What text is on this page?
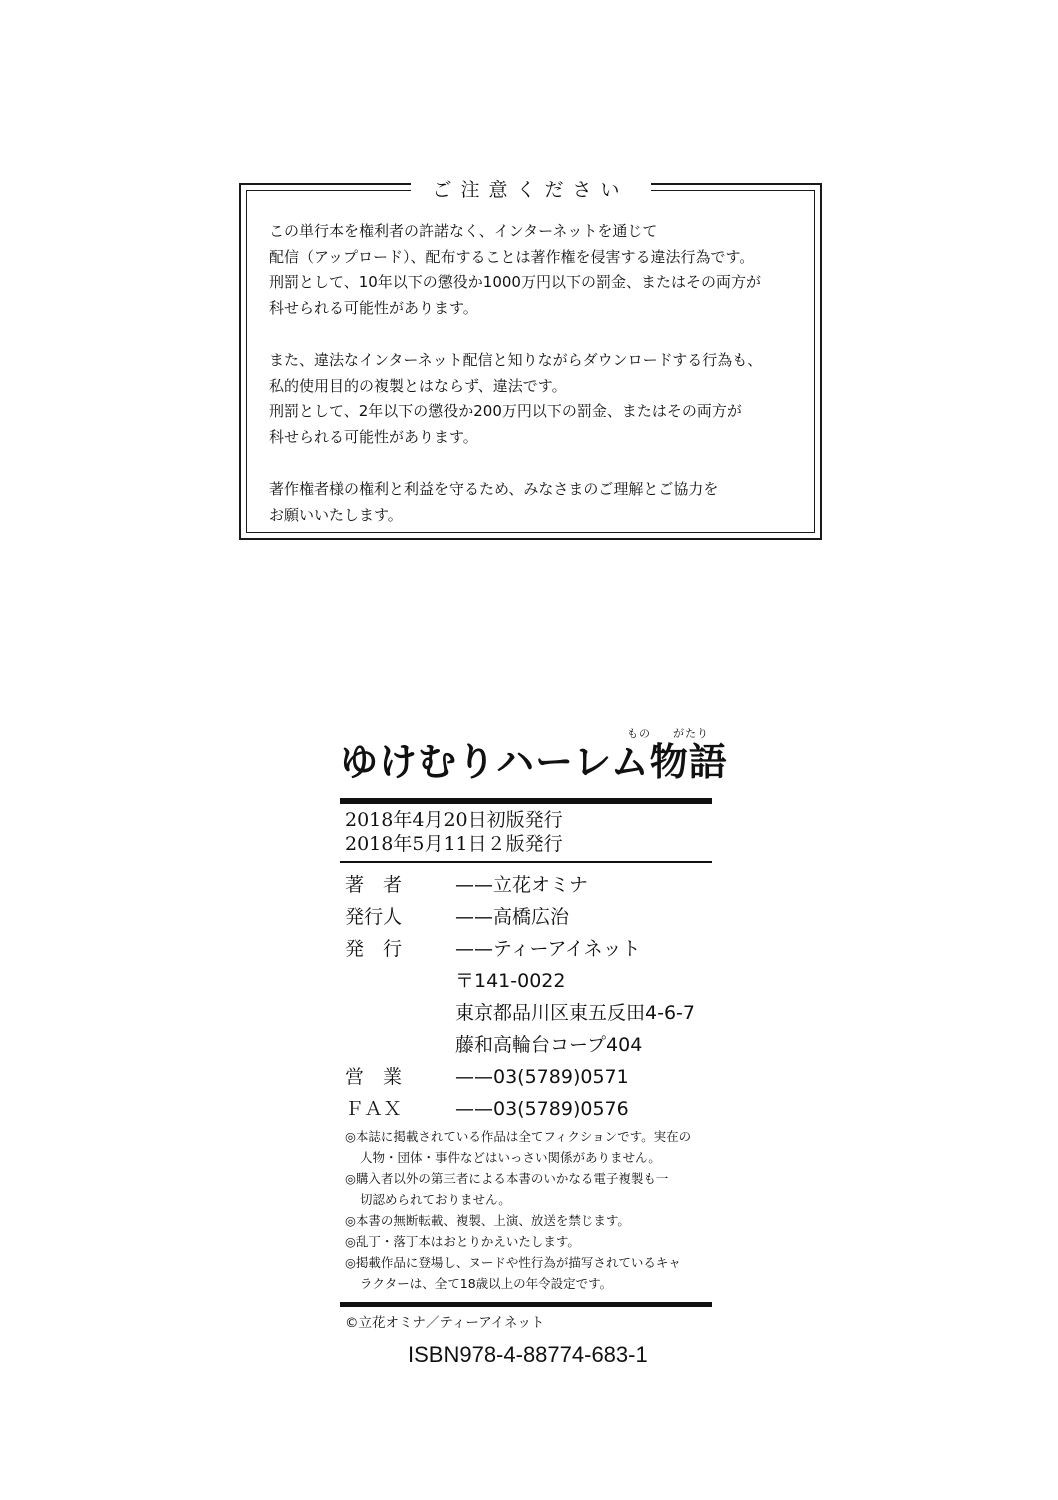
ご注意ください

この単行本を権利者の許諾なく、インターネットを通じて
配信（アップロード）、配布することは著作権を侵害する違法行為です。
刑罰として、10年以下の懲役か1000万円以下の罰金、またはその両方が
科せられる可能性があります。

また、違法なインターネット配信と知りながらダウンロードする行為も、
私的使用目的の複製とはならず、違法です。
刑罰として、2年以下の懲役か200万円以下の罰金、またはその両方が
科せられる可能性があります。

著作権者様の権利と利益を守るため、みなさまのご理解とご協力を
お願いいたします。

もの がたり
ゆけむりハーレム物語
2018年4月20日初版発行
2018年5月11日２版発行
著　者	——立花オミナ
発行人	——高橋広治
発　行	——ティーアイネット
〒141-0022
東京都品川区東五反田4-6-7
藤和高輪台コープ404
営　業	——03(5789)0571
ＦＡＸ	——03(5789)0576
◎本誌に掲載されている作品は全てフィクションです。実在の
人物・団体・事件などはいっさい関係がありません。
◎購入者以外の第三者による本書のいかなる電子複製も一
切認められておりません。
◎本書の無断転載、複製、上演、放送を禁じます。
◎乱丁・落丁本はおとりかえいたします。
◎掲載作品に登場し、ヌードや性行為が描写されているキャ
ラクターは、全て18歳以上の年令設定です。
©立花オミナ／ティーアイネット
ISBN978-4-88774-683-1
